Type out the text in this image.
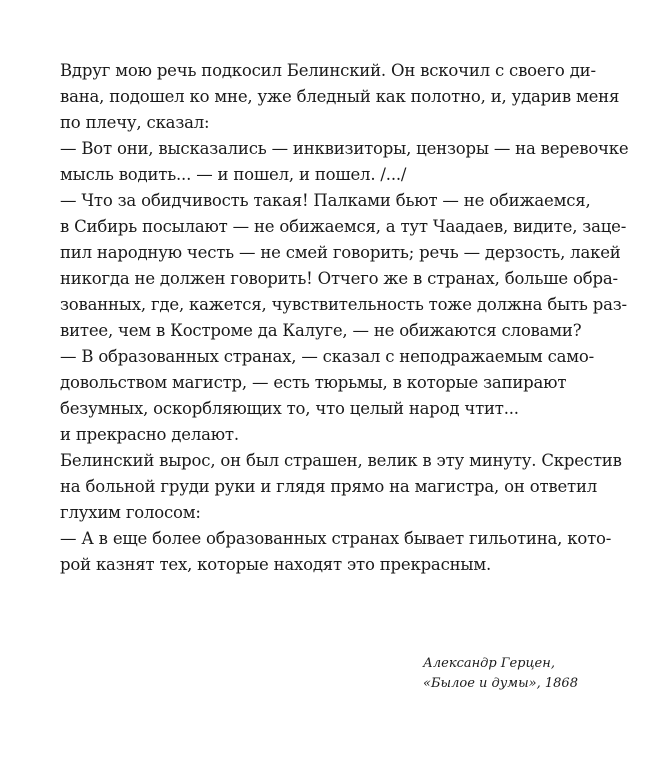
Вдруг мою речь подкосил Белинский. Он вскочил с своего ди-
вана, подошел ко мне, уже бледный как полотно, и, ударив меня
по плечу, сказал:
— Вот они, высказались — инквизиторы, цензоры — на веревочке
мысль водить... — и пошел, и пошел. /.../
— Что за обидчивость такая! Палками бьют — не обижаемся,
в Сибирь посылают — не обижаемся, а тут Чаадаев, видите, заце-
пил народную честь — не смей говорить; речь — дерзость, лакей
никогда не должен говорить! Отчего же в странах, больше обра-
зованных, где, кажется, чувствительность тоже должна быть раз-
витее, чем в Костроме да Калуге, — не обижаются словами?
— В образованных странах, — сказал с неподражаемым само-
довольством магистр, — есть тюрьмы, в которые запирают
безумных, оскорбляющих то, что целый народ чтит...
и прекрасно делают.
Белинский вырос, он был страшен, велик в эту минуту. Скрестив
на больной груди руки и глядя прямо на магистра, он ответил
глухим голосом:
— А в еще более образованных странах бывает гильотина, кото-
рой казнят тех, которые находят это прекрасным.
Александр Герцен,
«Былое и думы», 1868
